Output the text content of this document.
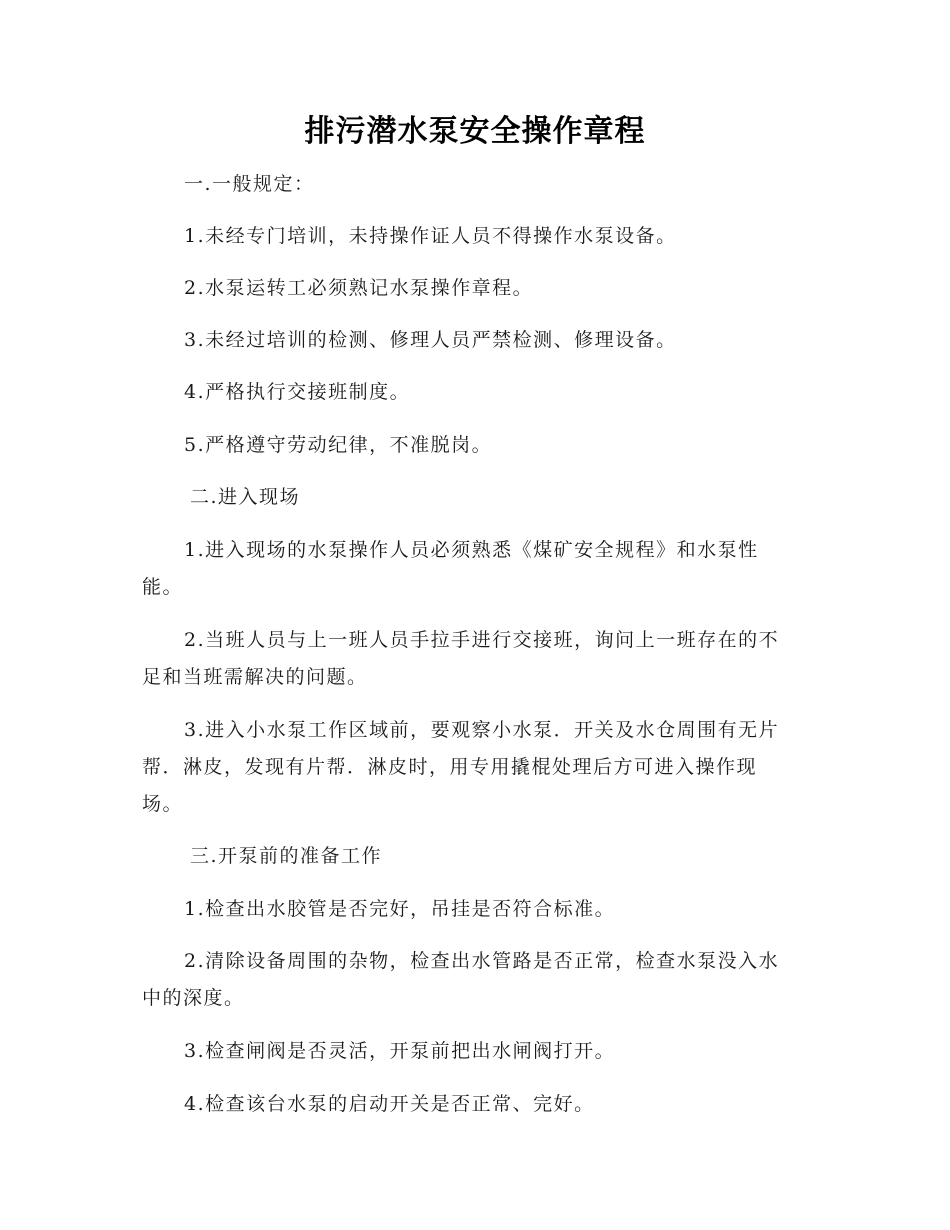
排污潜水泵安全操作章程

一.一般规定：

1.未经专门培训，未持操作证人员不得操作水泵设备。

2.水泵运转工必须熟记水泵操作章程。

3.未经过培训的检测、修理人员严禁检测、修理设备。

4.严格执行交接班制度。

5.严格遵守劳动纪律，不准脱岗。

二.进入现场

1.进入现场的水泵操作人员必须熟悉《煤矿安全规程》和水泵性能。

2.当班人员与上一班人员手拉手进行交接班，询问上一班存在的不足和当班需解决的问题。

3.进入小水泵工作区域前，要观察小水泵．开关及水仓周围有无片帮．淋皮，发现有片帮．淋皮时，用专用撬棍处理后方可进入操作现场。

三.开泵前的准备工作

1.检查出水胶管是否完好，吊挂是否符合标准。

2.清除设备周围的杂物，检查出水管路是否正常，检查水泵没入水中的深度。

3.检查闸阀是否灵活，开泵前把出水闸阀打开。

4.检查该台水泵的启动开关是否正常、完好。
